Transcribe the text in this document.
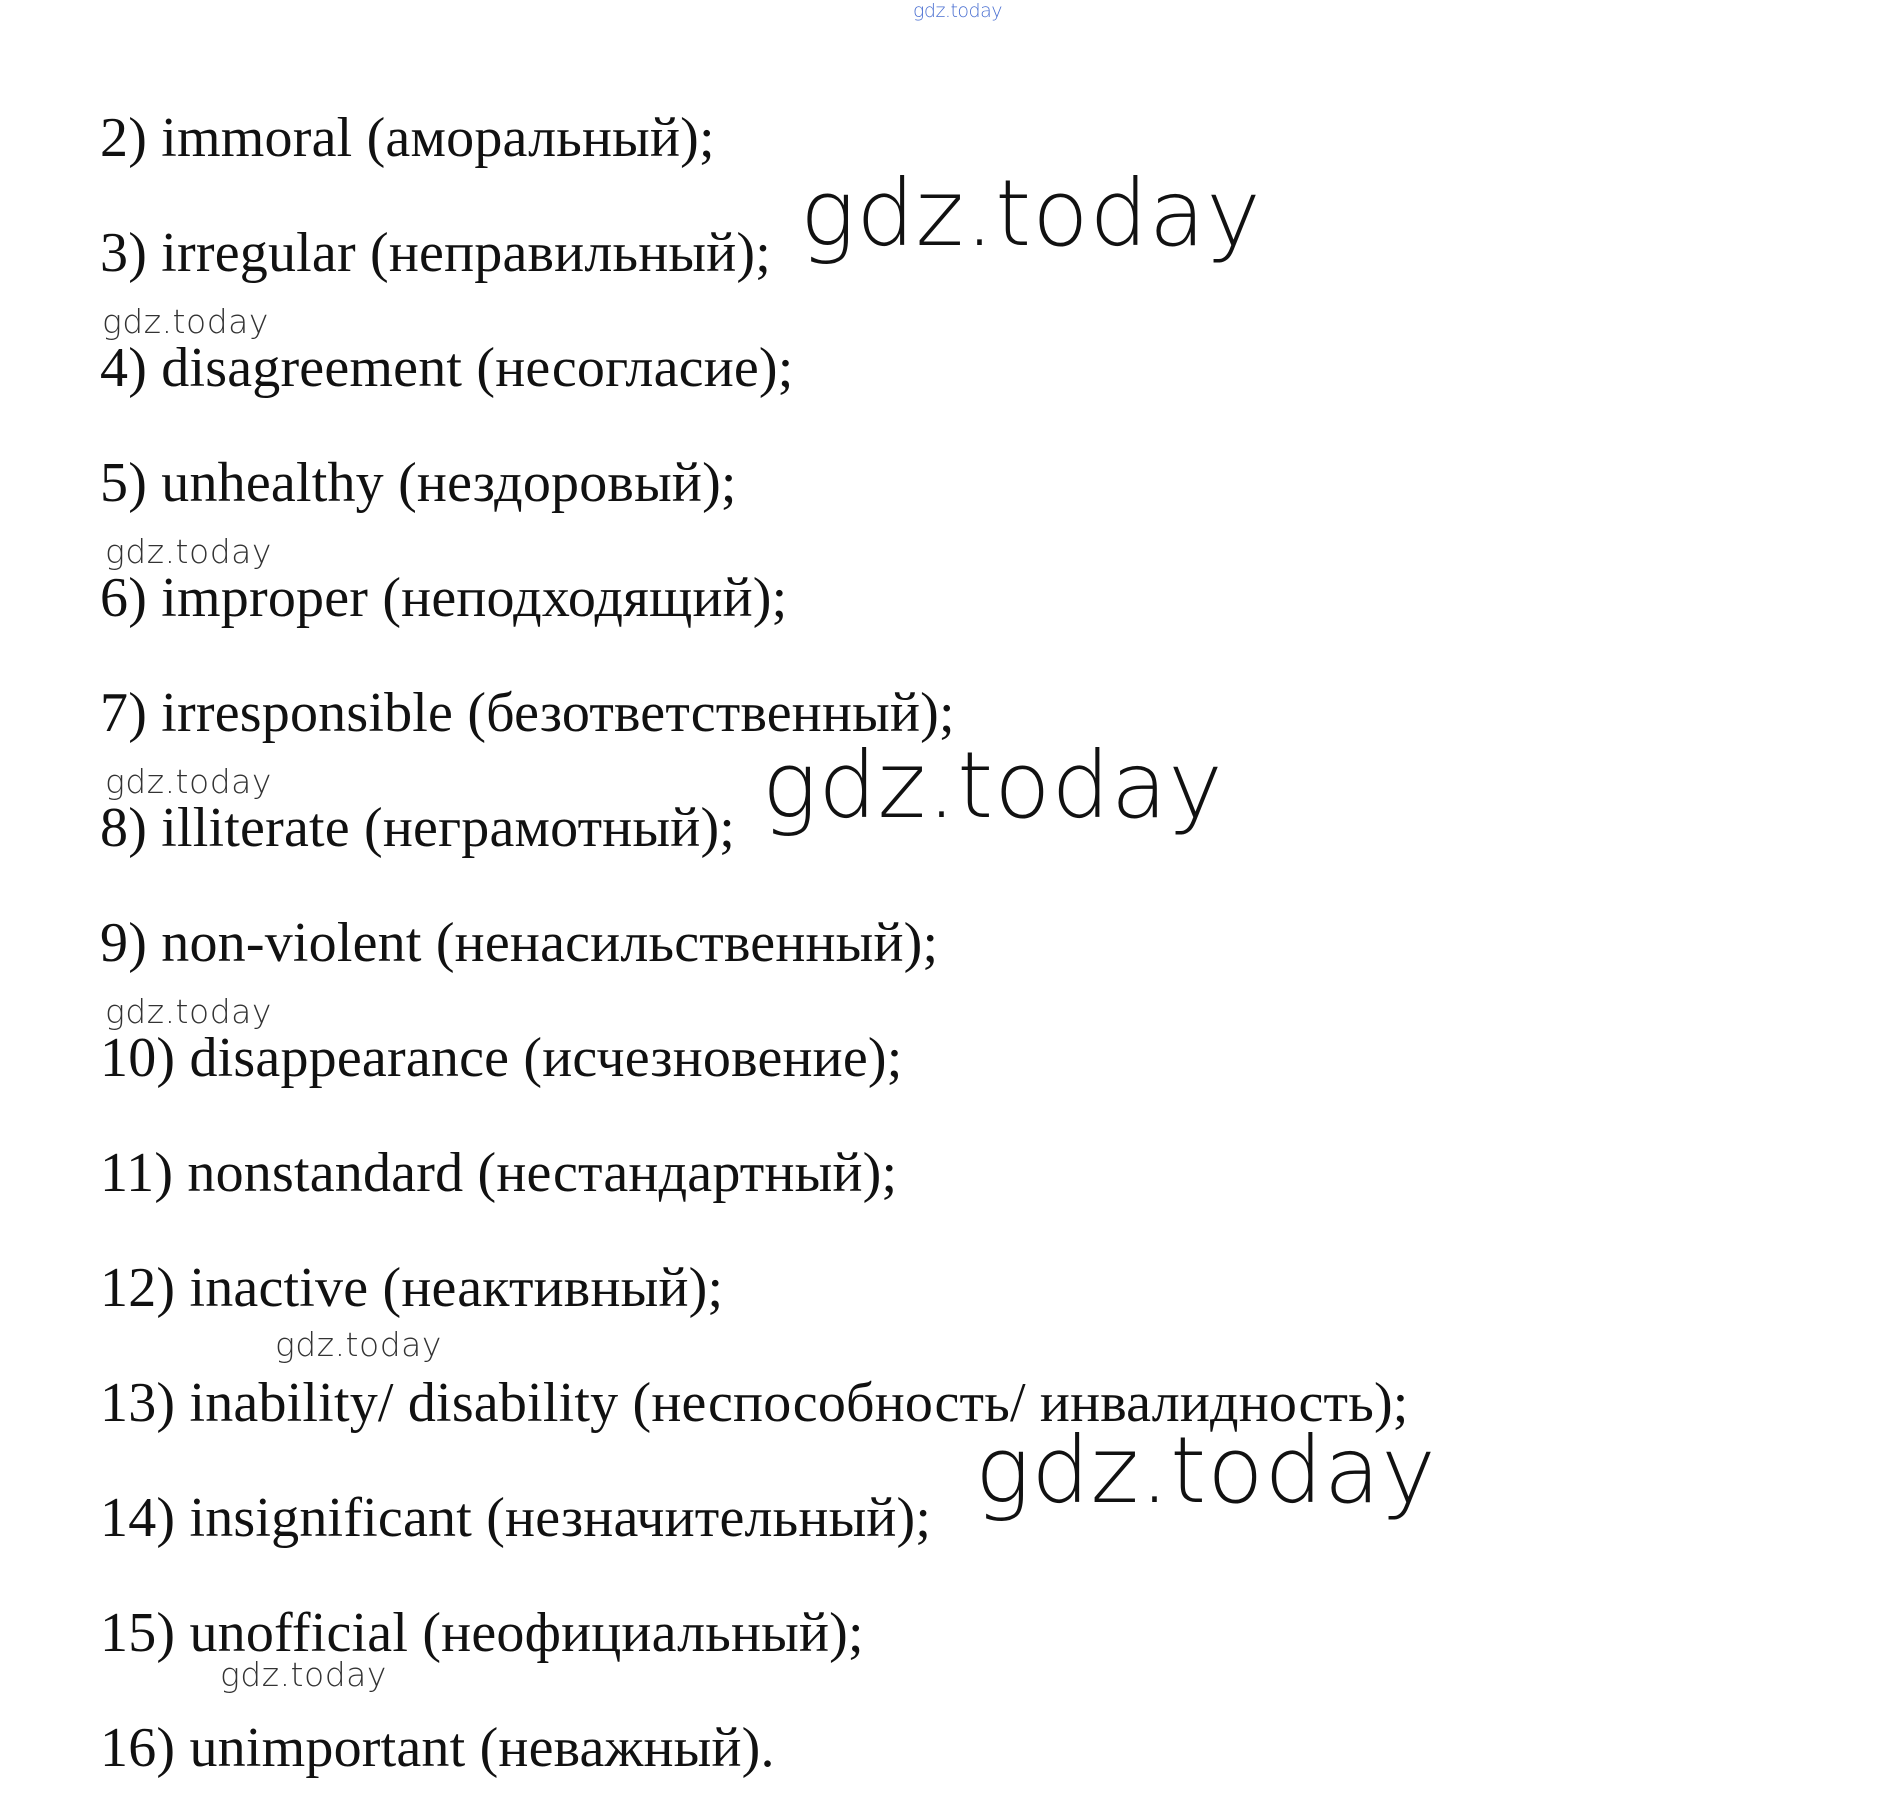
gdz.today
2) immoral (аморальный);
3) irregular (неправильный);
4) disagreement (несогласие);
5) unhealthy (нездоровый);
6) improper (неподходящий);
7) irresponsible (безответственный);
8) illiterate (неграмотный);
9) non-violent (ненасильственный);
10) disappearance (исчезновение);
11) nonstandard (нестандартный);
12) inactive (неактивный);
13) inability/ disability (неспособность/ инвалидность);
14) insignificant (незначительный);
15) unofficial (неофициальный);
16) unimportant (неважный).
gdz.today
gdz.today
gdz.today
gdz.today	gdz.today
gdz.today
gdz.today
gdz.today
gdz.today
